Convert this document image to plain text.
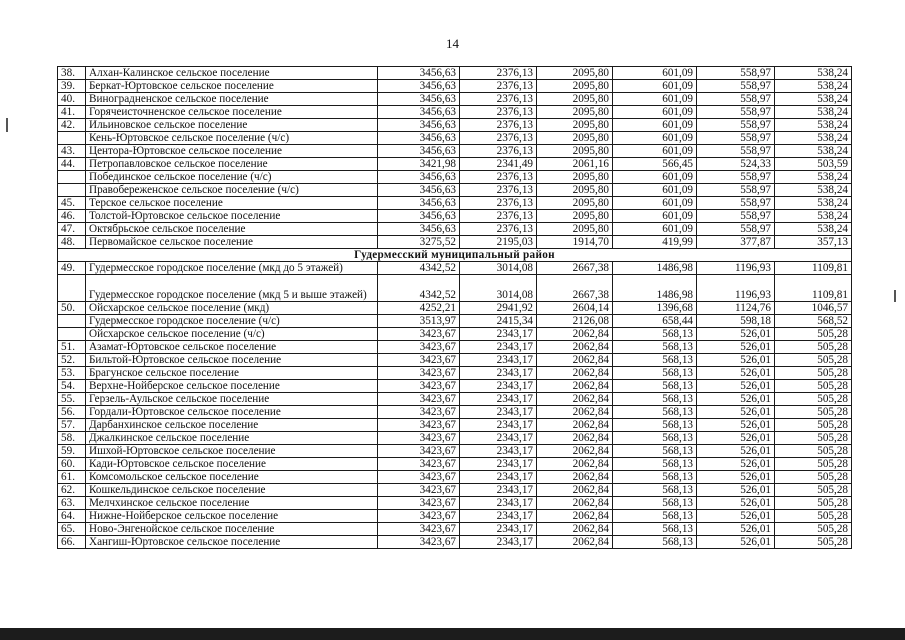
14
38.	Алхан-Калинское сельское поселение	3456,63	2376,13	2095,80	601,09	558,97	538,24
39.	Беркат-Юртовское сельское поселение	3456,63	2376,13	2095,80	601,09	558,97	538,24
40.	Виноградненское сельское поселение	3456,63	2376,13	2095,80	601,09	558,97	538,24
41.	Горячеисточненское сельское поселение	3456,63	2376,13	2095,80	601,09	558,97	538,24
42.	Ильиновское сельское поселение	3456,63	2376,13	2095,80	601,09	558,97	538,24
	Кень-Юртовское сельское поселение (ч/с)	3456,63	2376,13	2095,80	601,09	558,97	538,24
43.	Центора-Юртовское сельское поселение	3456,63	2376,13	2095,80	601,09	558,97	538,24
44.	Петропавловское сельское поселение	3421,98	2341,49	2061,16	566,45	524,33	503,59
	Побединское сельское поселение (ч/с)	3456,63	2376,13	2095,80	601,09	558,97	538,24
	Правобереженское сельское поселение (ч/с)	3456,63	2376,13	2095,80	601,09	558,97	538,24
45.	Терское сельское поселение	3456,63	2376,13	2095,80	601,09	558,97	538,24
46.	Толстой-Юртовское сельское поселение	3456,63	2376,13	2095,80	601,09	558,97	538,24
47.	Октябрьское сельское поселение	3456,63	2376,13	2095,80	601,09	558,97	538,24
48.	Первомайское сельское поселение	3275,52	2195,03	1914,70	419,99	377,87	357,13
Гудермесский муниципальный район							
49.	Гудермесское городское поселение (мкд до 5 этажей)	4342,52	3014,08	2667,38	1486,98	1196,93	1109,81
	Гудермесское городское поселение (мкд 5 и выше этажей)	4342,52	3014,08	2667,38	1486,98	1196,93	1109,81
50.	Ойсхарское сельское поселение (мкд)	4252,21	2941,92	2604,14	1396,68	1124,76	1046,57
	Гудермесское городское поселение (ч/с)	3513,97	2415,34	2126,08	658,44	598,18	568,52
	Ойсхарское сельское поселение (ч/с)	3423,67	2343,17	2062,84	568,13	526,01	505,28
51.	Азамат-Юртовское сельское поселение	3423,67	2343,17	2062,84	568,13	526,01	505,28
52.	Бильтой-Юртовское сельское поселение	3423,67	2343,17	2062,84	568,13	526,01	505,28
53.	Брагунское сельское поселение	3423,67	2343,17	2062,84	568,13	526,01	505,28
54.	Верхне-Нойберское сельское поселение	3423,67	2343,17	2062,84	568,13	526,01	505,28
55.	Герзель-Аульское сельское поселение	3423,67	2343,17	2062,84	568,13	526,01	505,28
56.	Гордали-Юртовское сельское поселение	3423,67	2343,17	2062,84	568,13	526,01	505,28
57.	Дарбанхинское сельское поселение	3423,67	2343,17	2062,84	568,13	526,01	505,28
58.	Джалкинское сельское поселение	3423,67	2343,17	2062,84	568,13	526,01	505,28
59.	Ишхой-Юртовское сельское поселение	3423,67	2343,17	2062,84	568,13	526,01	505,28
60.	Кади-Юртовское сельское поселение	3423,67	2343,17	2062,84	568,13	526,01	505,28
61.	Комсомольское сельское поселение	3423,67	2343,17	2062,84	568,13	526,01	505,28
62.	Кошкельдинское сельское поселение	3423,67	2343,17	2062,84	568,13	526,01	505,28
63.	Мелчхинское сельское поселение	3423,67	2343,17	2062,84	568,13	526,01	505,28
64.	Нижне-Нойберское сельское поселение	3423,67	2343,17	2062,84	568,13	526,01	505,28
65.	Ново-Энгенойское сельское поселение	3423,67	2343,17	2062,84	568,13	526,01	505,28
66.	Хангиш-Юртовское сельское поселение	3423,67	2343,17	2062,84	568,13	526,01	505,28
